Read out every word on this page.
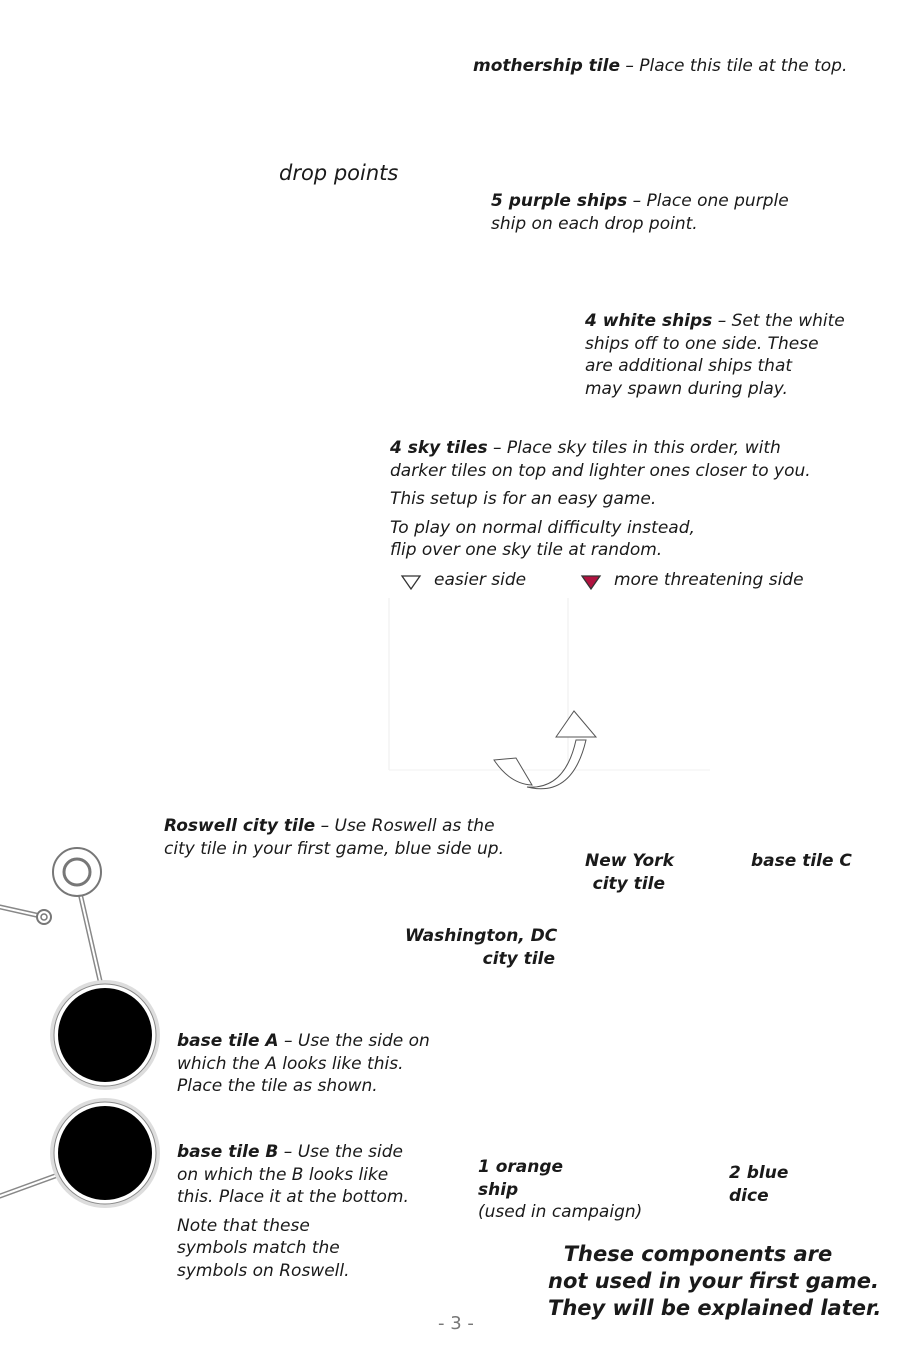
mothership tile – Place this tile at the top.
drop points
5 purple ships – Place one purple
ship on each drop point.
4 white ships – Set the white
ships off to one side. These
are additional ships that
may spawn during play.
4 sky tiles – Place sky tiles in this order, with
darker tiles on top and lighter ones closer to you.
This setup is for an easy game.
To play on normal difficulty instead,
flip over one sky tile at random.
easier side	more threatening side
Roswell city tile – Use Roswell as the
city tile in your first game, blue side up.
New York
city tile
base tile C
Washington, DC
city tile
base tile A – Use the side on
which the A looks like this.
Place the tile as shown.
base tile B – Use the side
on which the B looks like
this. Place it at the bottom.
Note that these
symbols match the
symbols on Roswell.
1 orange
ship
(used in campaign)
2 blue
dice
These components are
not used in your first game.
They will be explained later.
- 3 -
